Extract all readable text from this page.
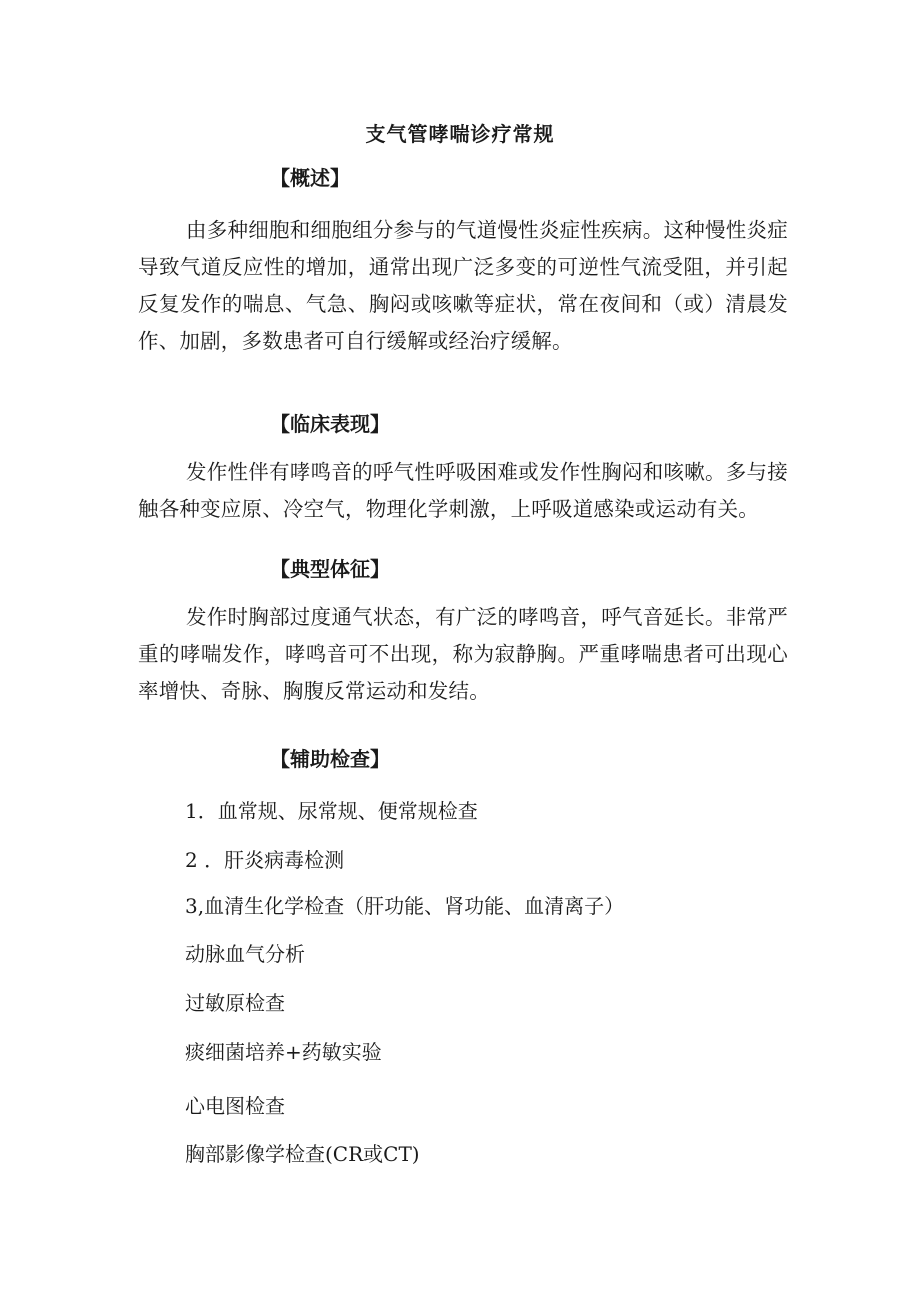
支气管哮喘诊疗常规
【概述】
由多种细胞和细胞组分参与的气道慢性炎症性疾病。这种慢性炎症导致气道反应性的增加，通常出现广泛多变的可逆性气流受阻，并引起反复发作的喘息、气急、胸闷或咳嗽等症状，常在夜间和（或）清晨发作、加剧，多数患者可自行缓解或经治疗缓解。
【临床表现】
发作性伴有哮鸣音的呼气性呼吸困难或发作性胸闷和咳嗽。多与接触各种变应原、冷空气，物理化学刺激，上呼吸道感染或运动有关。
【典型体征】
发作时胸部过度通气状态，有广泛的哮鸣音，呼气音延长。非常严重的哮喘发作，哮鸣音可不出现，称为寂静胸。严重哮喘患者可出现心率增快、奇脉、胸腹反常运动和发结。
【辅助检查】
1．血常规、尿常规、便常规检查
2 ．肝炎病毒检测
3,血清生化学检查（肝功能、肾功能、血清离子）
动脉血气分析
过敏原检查
痰细菌培养+药敏实验
心电图检查
胸部影像学检查(CR或CT)
